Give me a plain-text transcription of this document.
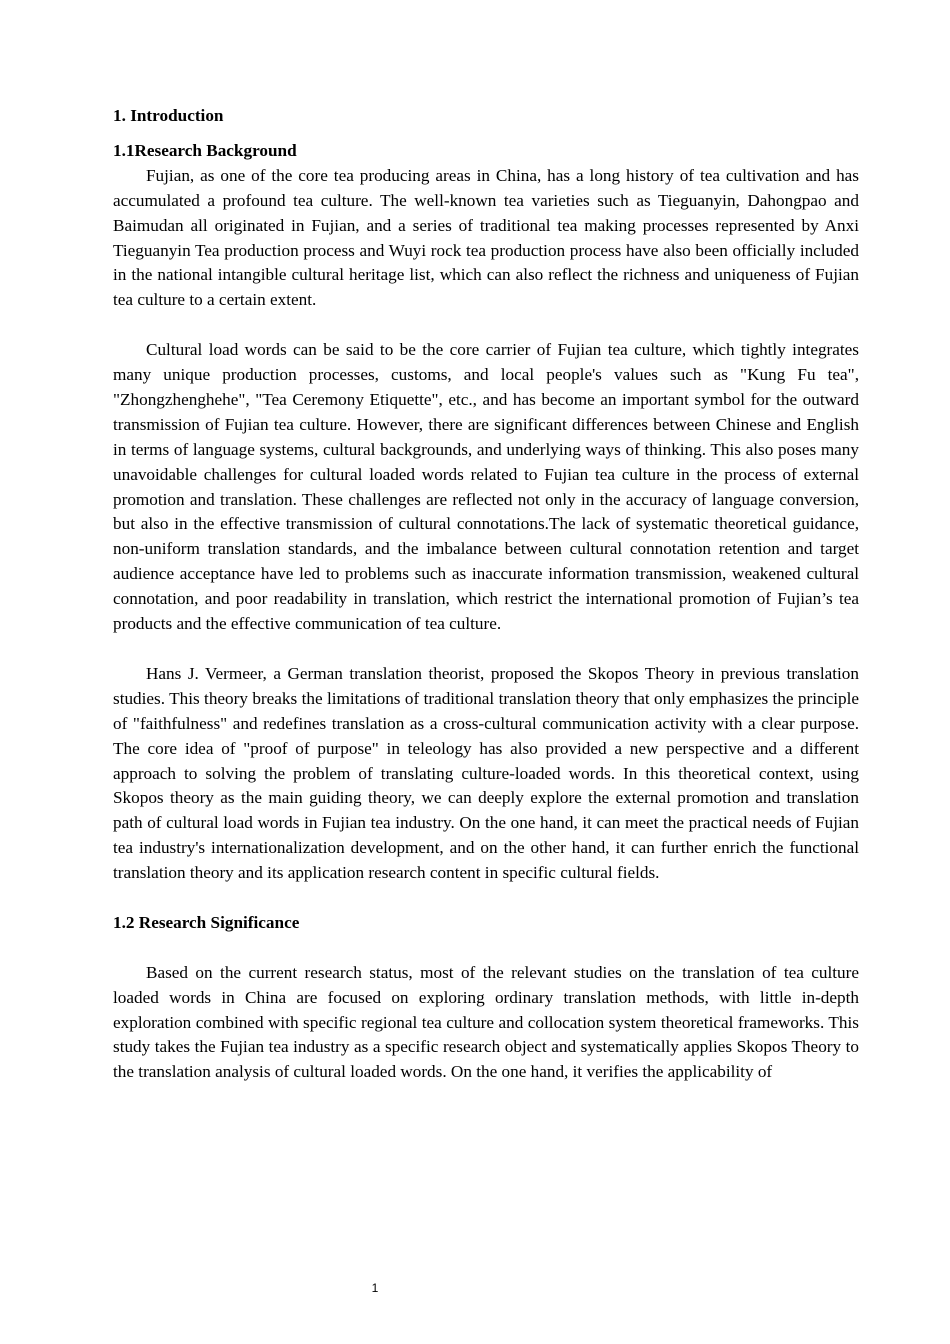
1. Introduction
1.1Research Background

Fujian, as one of the core tea producing areas in China, has a long history of tea cultivation and has accumulated a profound tea culture. The well-known tea varieties such as Tieguanyin, Dahongpao and Baimudan all originated in Fujian, and a series of traditional tea making processes represented by Anxi Tieguanyin Tea production process and Wuyi rock tea production process have also been officially included in the national intangible cultural heritage list, which can also reflect the richness and uniqueness of Fujian tea culture to a certain extent.

Cultural load words can be said to be the core carrier of Fujian tea culture, which tightly integrates many unique production processes, customs, and local people's values such as "Kung Fu tea", "Zhongzhenghehe", "Tea Ceremony Etiquette", etc., and has become an important symbol for the outward transmission of Fujian tea culture. However, there are significant differences between Chinese and English in terms of language systems, cultural backgrounds, and underlying ways of thinking. This also poses many unavoidable challenges for cultural loaded words related to Fujian tea culture in the process of external promotion and translation. These challenges are reflected not only in the accuracy of language conversion, but also in the effective transmission of cultural connotations.The lack of systematic theoretical guidance, non-uniform translation standards, and the imbalance between cultural connotation retention and target audience acceptance have led to problems such as inaccurate information transmission, weakened cultural connotation, and poor readability in translation, which restrict the international promotion of Fujian’s tea products and the effective communication of tea culture.

Hans J. Vermeer, a German translation theorist, proposed the Skopos Theory in previous translation studies. This theory breaks the limitations of traditional translation theory that only emphasizes the principle of "faithfulness" and redefines translation as a cross-cultural communication activity with a clear purpose. The core idea of "proof of purpose" in teleology has also provided a new perspective and a different approach to solving the problem of translating culture-loaded words. In this theoretical context, using Skopos theory as the main guiding theory, we can deeply explore the external promotion and translation path of cultural load words in Fujian tea industry. On the one hand, it can meet the practical needs of Fujian tea industry's internationalization development, and on the other hand, it can further enrich the functional translation theory and its application research content in specific cultural fields.

1.2 Research Significance

Based on the current research status, most of the relevant studies on the translation of tea culture loaded words in China are focused on exploring ordinary translation methods, with little in-depth exploration combined with specific regional tea culture and collocation system theoretical frameworks. This study takes the Fujian tea industry as a specific research object and systematically applies Skopos Theory to the translation analysis of cultural loaded words. On the one hand, it verifies the applicability of

1
